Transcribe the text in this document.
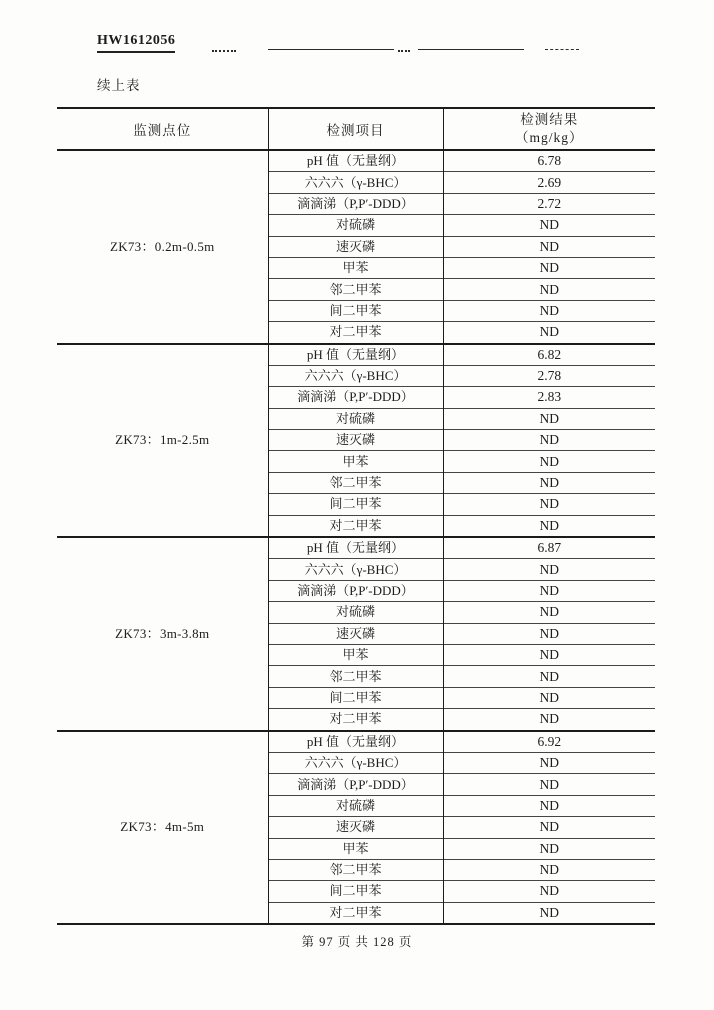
HW1612056
续上表
监测点位	检测项目	检测结果
（mg/kg）

ZK73：0.2m-0.5m	pH 值（无量纲）	6.78
	六六六（γ-BHC）	2.69
	滴滴涕（P,P′-DDD）	2.72
	对硫磷	ND
	速灭磷	ND
	甲苯	ND
	邻二甲苯	ND
	间二甲苯	ND
	对二甲苯	ND
ZK73：1m-2.5m	pH 值（无量纲）	6.82
	六六六（γ-BHC）	2.78
	滴滴涕（P,P′-DDD）	2.83
	对硫磷	ND
	速灭磷	ND
	甲苯	ND
	邻二甲苯	ND
	间二甲苯	ND
	对二甲苯	ND
ZK73：3m-3.8m	pH 值（无量纲）	6.87
	六六六（γ-BHC）	ND
	滴滴涕（P,P′-DDD）	ND
	对硫磷	ND
	速灭磷	ND
	甲苯	ND
	邻二甲苯	ND
	间二甲苯	ND
	对二甲苯	ND
ZK73：4m-5m	pH 值（无量纲）	6.92
	六六六（γ-BHC）	ND
	滴滴涕（P,P′-DDD）	ND
	对硫磷	ND
	速灭磷	ND
	甲苯	ND
	邻二甲苯	ND
	间二甲苯	ND
	对二甲苯	ND
第 97 页 共 128 页
